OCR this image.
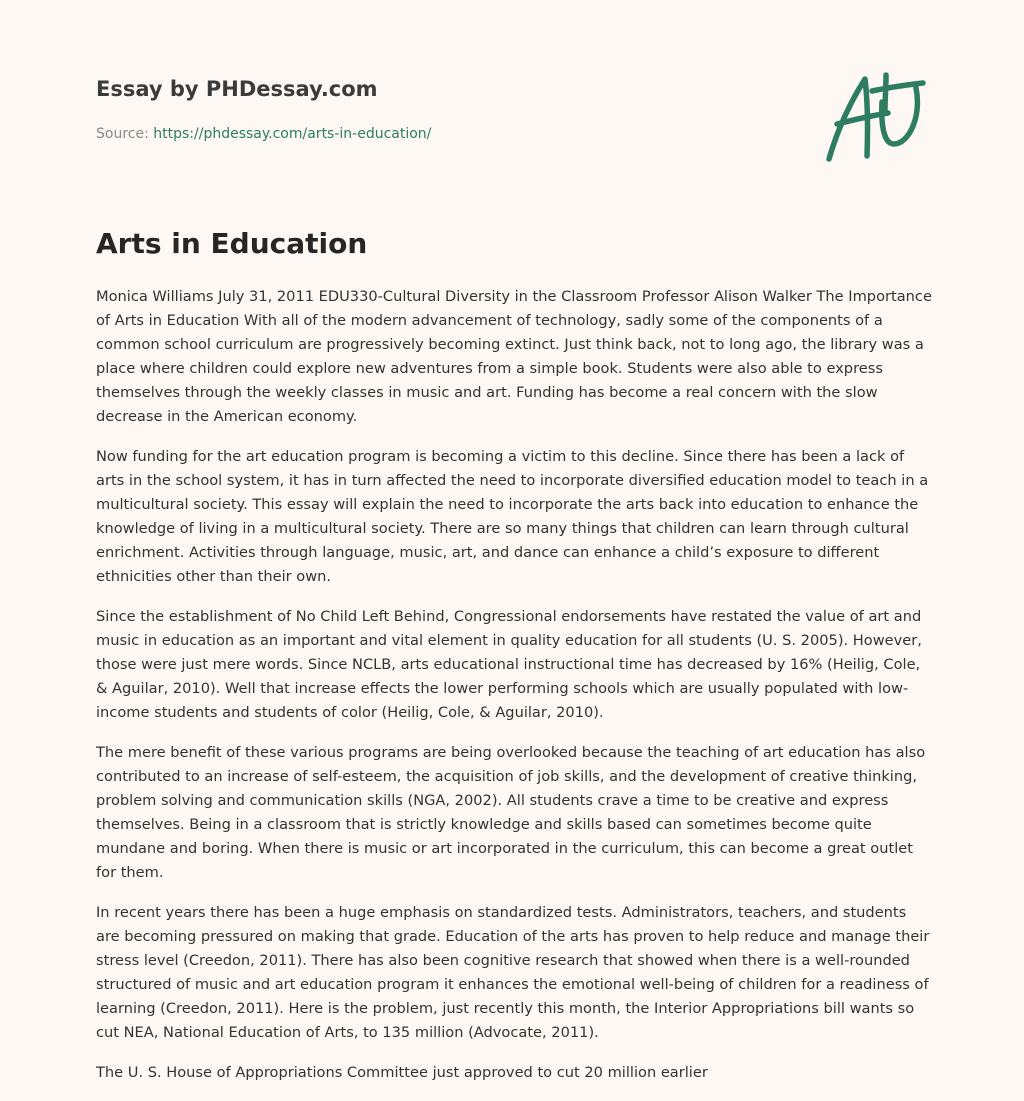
Essay by PHDessay.com
Source: https://phdessay.com/arts-in-education/
Arts in Education

Monica Williams July 31, 2011 EDU330-Cultural Diversity in the Classroom Professor Alison Walker The Importance of Arts in Education With all of the modern advancement of technology, sadly some of the components of a common school curriculum are progressively becoming extinct. Just think back, not to long ago, the library was a place where children could explore new adventures from a simple book. Students were also able to express themselves through the weekly classes in music and art. Funding has become a real concern with the slow decrease in the American economy.

Now funding for the art education program is becoming a victim to this decline. Since there has been a lack of arts in the school system, it has in turn affected the need to incorporate diversified education model to teach in a multicultural society. This essay will explain the need to incorporate the arts back into education to enhance the knowledge of living in a multicultural society. There are so many things that children can learn through cultural enrichment. Activities through language, music, art, and dance can enhance a child’s exposure to different ethnicities other than their own.

Since the establishment of No Child Left Behind, Congressional endorsements have restated the value of art and music in education as an important and vital element in quality education for all students (U. S. 2005). However, those were just mere words. Since NCLB, arts educational instructional time has decreased by 16% (Heilig, Cole, & Aguilar, 2010). Well that increase effects the lower performing schools which are usually populated with low-income students and students of color (Heilig, Cole, & Aguilar, 2010).

The mere benefit of these various programs are being overlooked because the teaching of art education has also contributed to an increase of self-esteem, the acquisition of job skills, and the development of creative thinking, problem solving and communication skills (NGA, 2002). All students crave a time to be creative and express themselves. Being in a classroom that is strictly knowledge and skills based can sometimes become quite mundane and boring. When there is music or art incorporated in the curriculum, this can become a great outlet for them.

In recent years there has been a huge emphasis on standardized tests. Administrators, teachers, and students are becoming pressured on making that grade. Education of the arts has proven to help reduce and manage their stress level (Creedon, 2011). There has also been cognitive research that showed when there is a well-rounded structured of music and art education program it enhances the emotional well-being of children for a readiness of learning (Creedon, 2011). Here is the problem, just recently this month, the Interior Appropriations bill wants so cut NEA, National Education of Arts, to 135 million (Advocate, 2011).

The U. S. House of Appropriations Committee just approved to cut 20 million earlier
